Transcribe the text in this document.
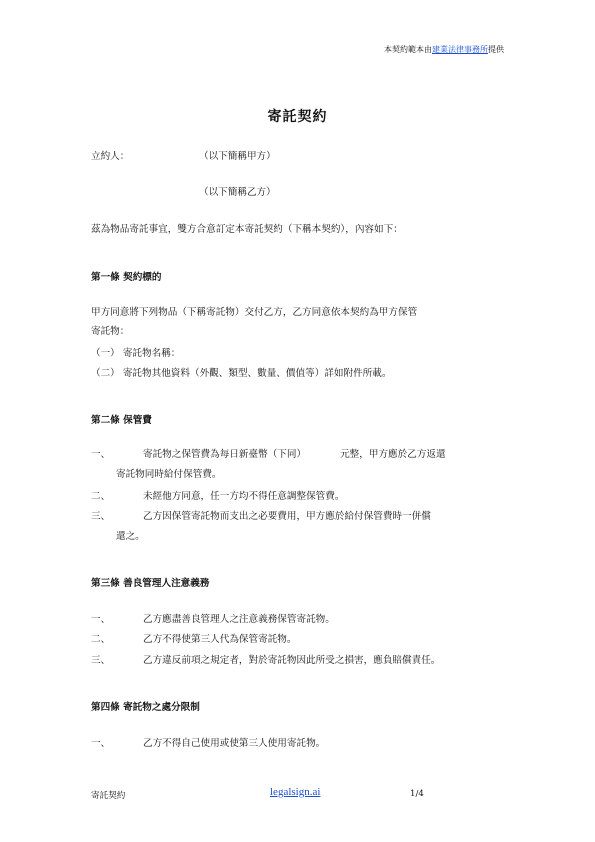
本契約範本由建業法律事務所提供
寄託契約
立約人：	（以下簡稱甲方）
（以下簡稱乙方）
茲為物品寄託事宜，雙方合意訂定本寄託契約（下稱本契約），內容如下：
第一條 契約標的
甲方同意將下列物品（下稱寄託物）交付乙方，乙方同意依本契約為甲方保管
寄託物：
（一） 寄託物名稱：
（二） 寄託物其他資料（外觀、類型、數量、價值等）詳如附件所載。
第二條 保管費
一、	寄託物之保管費為每日新臺幣（下同）	元整，甲方應於乙方返還
寄託物同時給付保管費。
二、	未經他方同意，任一方均不得任意調整保管費。
三、	乙方因保管寄託物而支出之必要費用，甲方應於給付保管費時一併償
還之。
第三條 善良管理人注意義務
一、	乙方應盡善良管理人之注意義務保管寄託物。
二、	乙方不得使第三人代為保管寄託物。
三、	乙方違反前項之規定者，對於寄託物因此所受之損害，應負賠償責任。
第四條 寄託物之處分限制
一、	乙方不得自己使用或使第三人使用寄託物。
寄託契約	legalsign.ai	1/4
